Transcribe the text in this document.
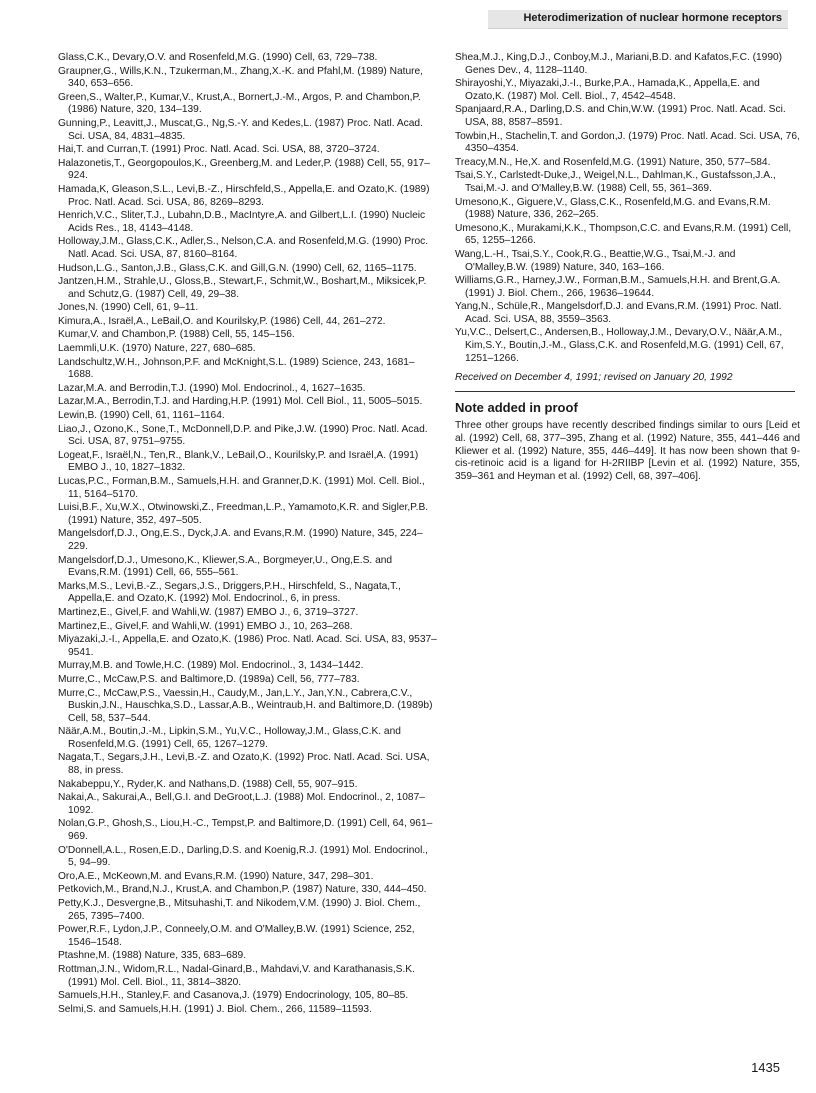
Heterodimerization of nuclear hormone receptors
Glass,C.K., Devary,O.V. and Rosenfeld,M.G. (1990) Cell, 63, 729–738.
Graupner,G., Wills,K.N., Tzukerman,M., Zhang,X.-K. and Pfahl,M. (1989) Nature, 340, 653–656.
Green,S., Walter,P., Kumar,V., Krust,A., Bornert,J.-M., Argos, P. and Chambon,P. (1986) Nature, 320, 134–139.
Gunning,P., Leavitt,J., Muscat,G., Ng,S.-Y. and Kedes,L. (1987) Proc. Natl. Acad. Sci. USA, 84, 4831–4835.
Hai,T. and Curran,T. (1991) Proc. Natl. Acad. Sci. USA, 88, 3720–3724.
Halazonetis,T., Georgopoulos,K., Greenberg,M. and Leder,P. (1988) Cell, 55, 917–924.
Hamada,K, Gleason,S.L., Levi,B.-Z., Hirschfeld,S., Appella,E. and Ozato,K. (1989) Proc. Natl. Acad. Sci. USA, 86, 8269–8293.
Henrich,V.C., Sliter,T.J., Lubahn,D.B., MacIntyre,A. and Gilbert,L.I. (1990) Nucleic Acids Res., 18, 4143–4148.
Holloway,J.M., Glass,C.K., Adler,S., Nelson,C.A. and Rosenfeld,M.G. (1990) Proc. Natl. Acad. Sci. USA, 87, 8160–8164.
Hudson,L.G., Santon,J.B., Glass,C.K. and Gill,G.N. (1990) Cell, 62, 1165–1175.
Jantzen,H.M., Strahle,U., Gloss,B., Stewart,F., Schmit,W., Boshart,M., Miksicek,P. and Schutz,G. (1987) Cell, 49, 29–38.
Jones,N. (1990) Cell, 61, 9–11.
Kimura,A., Israël,A., LeBail,O. and Kourilsky,P. (1986) Cell, 44, 261–272.
Kumar,V. and Chambon,P. (1988) Cell, 55, 145–156.
Laemmli,U.K. (1970) Nature, 227, 680–685.
Landschultz,W.H., Johnson,P.F. and McKnight,S.L. (1989) Science, 243, 1681–1688.
Lazar,M.A. and Berrodin,T.J. (1990) Mol. Endocrinol., 4, 1627–1635.
Lazar,M.A., Berrodin,T.J. and Harding,H.P. (1991) Mol. Cell Biol., 11, 5005–5015.
Lewin,B. (1990) Cell, 61, 1161–1164.
Liao,J., Ozono,K., Sone,T., McDonnell,D.P. and Pike,J.W. (1990) Proc. Natl. Acad. Sci. USA, 87, 9751–9755.
Logeat,F., Israël,N., Ten,R., Blank,V., LeBail,O., Kourilsky,P. and Israël,A. (1991) EMBO J., 10, 1827–1832.
Lucas,P.C., Forman,B.M., Samuels,H.H. and Granner,D.K. (1991) Mol. Cell. Biol., 11, 5164–5170.
Luisi,B.F., Xu,W.X., Otwinowski,Z., Freedman,L.P., Yamamoto,K.R. and Sigler,P.B. (1991) Nature, 352, 497–505.
Mangelsdorf,D.J., Ong,E.S., Dyck,J.A. and Evans,R.M. (1990) Nature, 345, 224–229.
Mangelsdorf,D.J., Umesono,K., Kliewer,S.A., Borgmeyer,U., Ong,E.S. and Evans,R.M. (1991) Cell, 66, 555–561.
Marks,M.S., Levi,B.-Z., Segars,J.S., Driggers,P.H., Hirschfeld, S., Nagata,T., Appella,E. and Ozato,K. (1992) Mol. Endocrinol., 6, in press.
Martinez,E., Givel,F. and Wahli,W. (1987) EMBO J., 6, 3719–3727.
Martinez,E., Givel,F. and Wahli,W. (1991) EMBO J., 10, 263–268.
Miyazaki,J.-I., Appella,E. and Ozato,K. (1986) Proc. Natl. Acad. Sci. USA, 83, 9537–9541.
Murray,M.B. and Towle,H.C. (1989) Mol. Endocrinol., 3, 1434–1442.
Murre,C., McCaw,P.S. and Baltimore,D. (1989a) Cell, 56, 777–783.
Murre,C., McCaw,P.S., Vaessin,H., Caudy,M., Jan,L.Y., Jan,Y.N., Cabrera,C.V., Buskin,J.N., Hauschka,S.D., Lassar,A.B., Weintraub,H. and Baltimore,D. (1989b) Cell, 58, 537–544.
Näär,A.M., Boutin,J.-M., Lipkin,S.M., Yu,V.C., Holloway,J.M., Glass,C.K. and Rosenfeld,M.G. (1991) Cell, 65, 1267–1279.
Nagata,T., Segars,J.H., Levi,B.-Z. and Ozato,K. (1992) Proc. Natl. Acad. Sci. USA, 88, in press.
Nakabeppu,Y., Ryder,K. and Nathans,D. (1988) Cell, 55, 907–915.
Nakai,A., Sakurai,A., Bell,G.I. and DeGroot,L.J. (1988) Mol. Endocrinol., 2, 1087–1092.
Nolan,G.P., Ghosh,S., Liou,H.-C., Tempst,P. and Baltimore,D. (1991) Cell, 64, 961–969.
O'Donnell,A.L., Rosen,E.D., Darling,D.S. and Koenig,R.J. (1991) Mol. Endocrinol., 5, 94–99.
Oro,A.E., McKeown,M. and Evans,R.M. (1990) Nature, 347, 298–301.
Petkovich,M., Brand,N.J., Krust,A. and Chambon,P. (1987) Nature, 330, 444–450.
Petty,K.J., Desvergne,B., Mitsuhashi,T. and Nikodem,V.M. (1990) J. Biol. Chem., 265, 7395–7400.
Power,R.F., Lydon,J.P., Conneely,O.M. and O'Malley,B.W. (1991) Science, 252, 1546–1548.
Ptashne,M. (1988) Nature, 335, 683–689.
Rottman,J.N., Widom,R.L., Nadal-Ginard,B., Mahdavi,V. and Karathanasis,S.K. (1991) Mol. Cell. Biol., 11, 3814–3820.
Samuels,H.H., Stanley,F. and Casanova,J. (1979) Endocrinology, 105, 80–85.
Selmi,S. and Samuels,H.H. (1991) J. Biol. Chem., 266, 11589–11593.
Shea,M.J., King,D.J., Conboy,M.J., Mariani,B.D. and Kafatos,F.C. (1990) Genes Dev., 4, 1128–1140.
Shirayoshi,Y., Miyazaki,J.-I., Burke,P.A., Hamada,K., Appella,E. and Ozato,K. (1987) Mol. Cell. Biol., 7, 4542–4548.
Spanjaard,R.A., Darling,D.S. and Chin,W.W. (1991) Proc. Natl. Acad. Sci. USA, 88, 8587–8591.
Towbin,H., Stachelin,T. and Gordon,J. (1979) Proc. Natl. Acad. Sci. USA, 76, 4350–4354.
Treacy,M.N., He,X. and Rosenfeld,M.G. (1991) Nature, 350, 577–584.
Tsai,S.Y., Carlstedt-Duke,J., Weigel,N.L., Dahlman,K., Gustafsson,J.A., Tsai,M.-J. and O'Malley,B.W. (1988) Cell, 55, 361–369.
Umesono,K., Giguere,V., Glass,C.K., Rosenfeld,M.G. and Evans,R.M. (1988) Nature, 336, 262–265.
Umesono,K., Murakami,K.K., Thompson,C.C. and Evans,R.M. (1991) Cell, 65, 1255–1266.
Wang,L.-H., Tsai,S.Y., Cook,R.G., Beattie,W.G., Tsai,M.-J. and O'Malley,B.W. (1989) Nature, 340, 163–166.
Williams,G.R., Harney,J.W., Forman,B.M., Samuels,H.H. and Brent,G.A. (1991) J. Biol. Chem., 266, 19636–19644.
Yang,N., Schüle,R., Mangelsdorf,D.J. and Evans,R.M. (1991) Proc. Natl. Acad. Sci. USA, 88, 3559–3563.
Yu,V.C., Delsert,C., Andersen,B., Holloway,J.M., Devary,O.V., Näär,A.M., Kim,S.Y., Boutin,J.-M., Glass,C.K. and Rosenfeld,M.G. (1991) Cell, 67, 1251–1266.
Received on December 4, 1991; revised on January 20, 1992
Note added in proof

Three other groups have recently described findings similar to ours [Leid et al. (1992) Cell, 68, 377–395, Zhang et al. (1992) Nature, 355, 441–446 and Kliewer et al. (1992) Nature, 355, 446–449]. It has now been shown that 9-cis-retinoic acid is a ligand for H-2RIIBP [Levin et al. (1992) Nature, 355, 359–361 and Heyman et al. (1992) Cell, 68, 397–406].

1435
